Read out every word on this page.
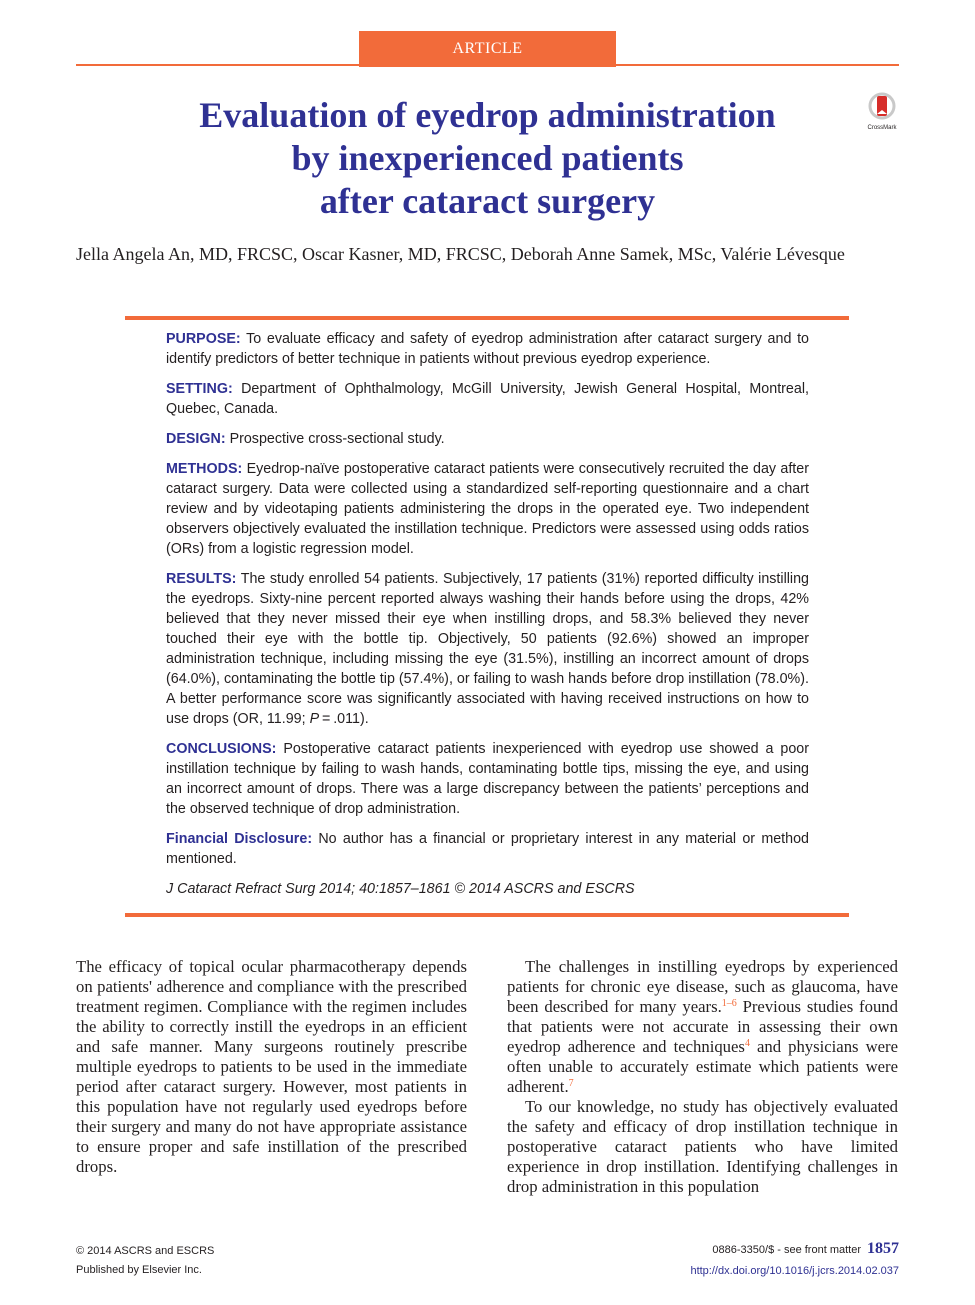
ARTICLE
Evaluation of eyedrop administration
by inexperienced patients
after cataract surgery
CrossMark
Jella Angela An, MD, FRCSC, Oscar Kasner, MD, FRCSC, Deborah Anne Samek, MSc, Valérie Lévesque

PURPOSE: To evaluate efficacy and safety of eyedrop administration after cataract surgery and to identify predictors of better technique in patients without previous eyedrop experience.

SETTING: Department of Ophthalmology, McGill University, Jewish General Hospital, Montreal, Quebec, Canada.

DESIGN: Prospective cross-sectional study.

METHODS: Eyedrop-naïve postoperative cataract patients were consecutively recruited the day after cataract surgery. Data were collected using a standardized self-reporting questionnaire and a chart review and by videotaping patients administering the drops in the operated eye. Two independent observers objectively evaluated the instillation technique. Predictors were assessed using odds ratios (ORs) from a logistic regression model.

RESULTS: The study enrolled 54 patients. Subjectively, 17 patients (31%) reported difficulty instilling the eyedrops. Sixty-nine percent reported always washing their hands before using the drops, 42% believed that they never missed their eye when instilling drops, and 58.3% believed they never touched their eye with the bottle tip. Objectively, 50 patients (92.6%) showed an improper administration technique, including missing the eye (31.5%), instilling an incorrect amount of drops (64.0%), contaminating the bottle tip (57.4%), or failing to wash hands before drop instillation (78.0%). A better performance score was significantly associated with having received instructions on how to use drops (OR, 11.99; P = .011).

CONCLUSIONS: Postoperative cataract patients inexperienced with eyedrop use showed a poor instillation technique by failing to wash hands, contaminating bottle tips, missing the eye, and using an incorrect amount of drops. There was a large discrepancy between the patients’ perceptions and the observed technique of drop administration.

Financial Disclosure: No author has a financial or proprietary interest in any material or method mentioned.

J Cataract Refract Surg 2014; 40:1857–1861 © 2014 ASCRS and ESCRS

The efficacy of topical ocular pharmacotherapy depends on patients' adherence and compliance with the prescribed treatment regimen. Compliance with the regimen includes the ability to correctly instill the eyedrops in an efficient and safe manner. Many surgeons routinely prescribe multiple eyedrops to patients to be used in the immediate period after cataract surgery. However, most patients in this population have not regularly used eyedrops before their surgery and many do not have appropriate assistance to ensure proper and safe instillation of the prescribed drops.

The challenges in instilling eyedrops by experienced patients for chronic eye disease, such as glaucoma, have been described for many years.$^{1-6}$ Previous studies found that patients were not accurate in assessing their own eyedrop adherence and techniques$^4$ and physicians were often unable to accurately estimate which patients were adherent.$^7$

To our knowledge, no study has objectively evaluated the safety and efficacy of drop instillation technique in postoperative cataract patients who have limited experience in drop instillation. Identifying challenges in drop administration in this population

© 2014 ASCRS and ESCRS
Published by Elsevier Inc.
0886-3350/$ - see front matter 1857
http://dx.doi.org/10.1016/j.jcrs.2014.02.037
